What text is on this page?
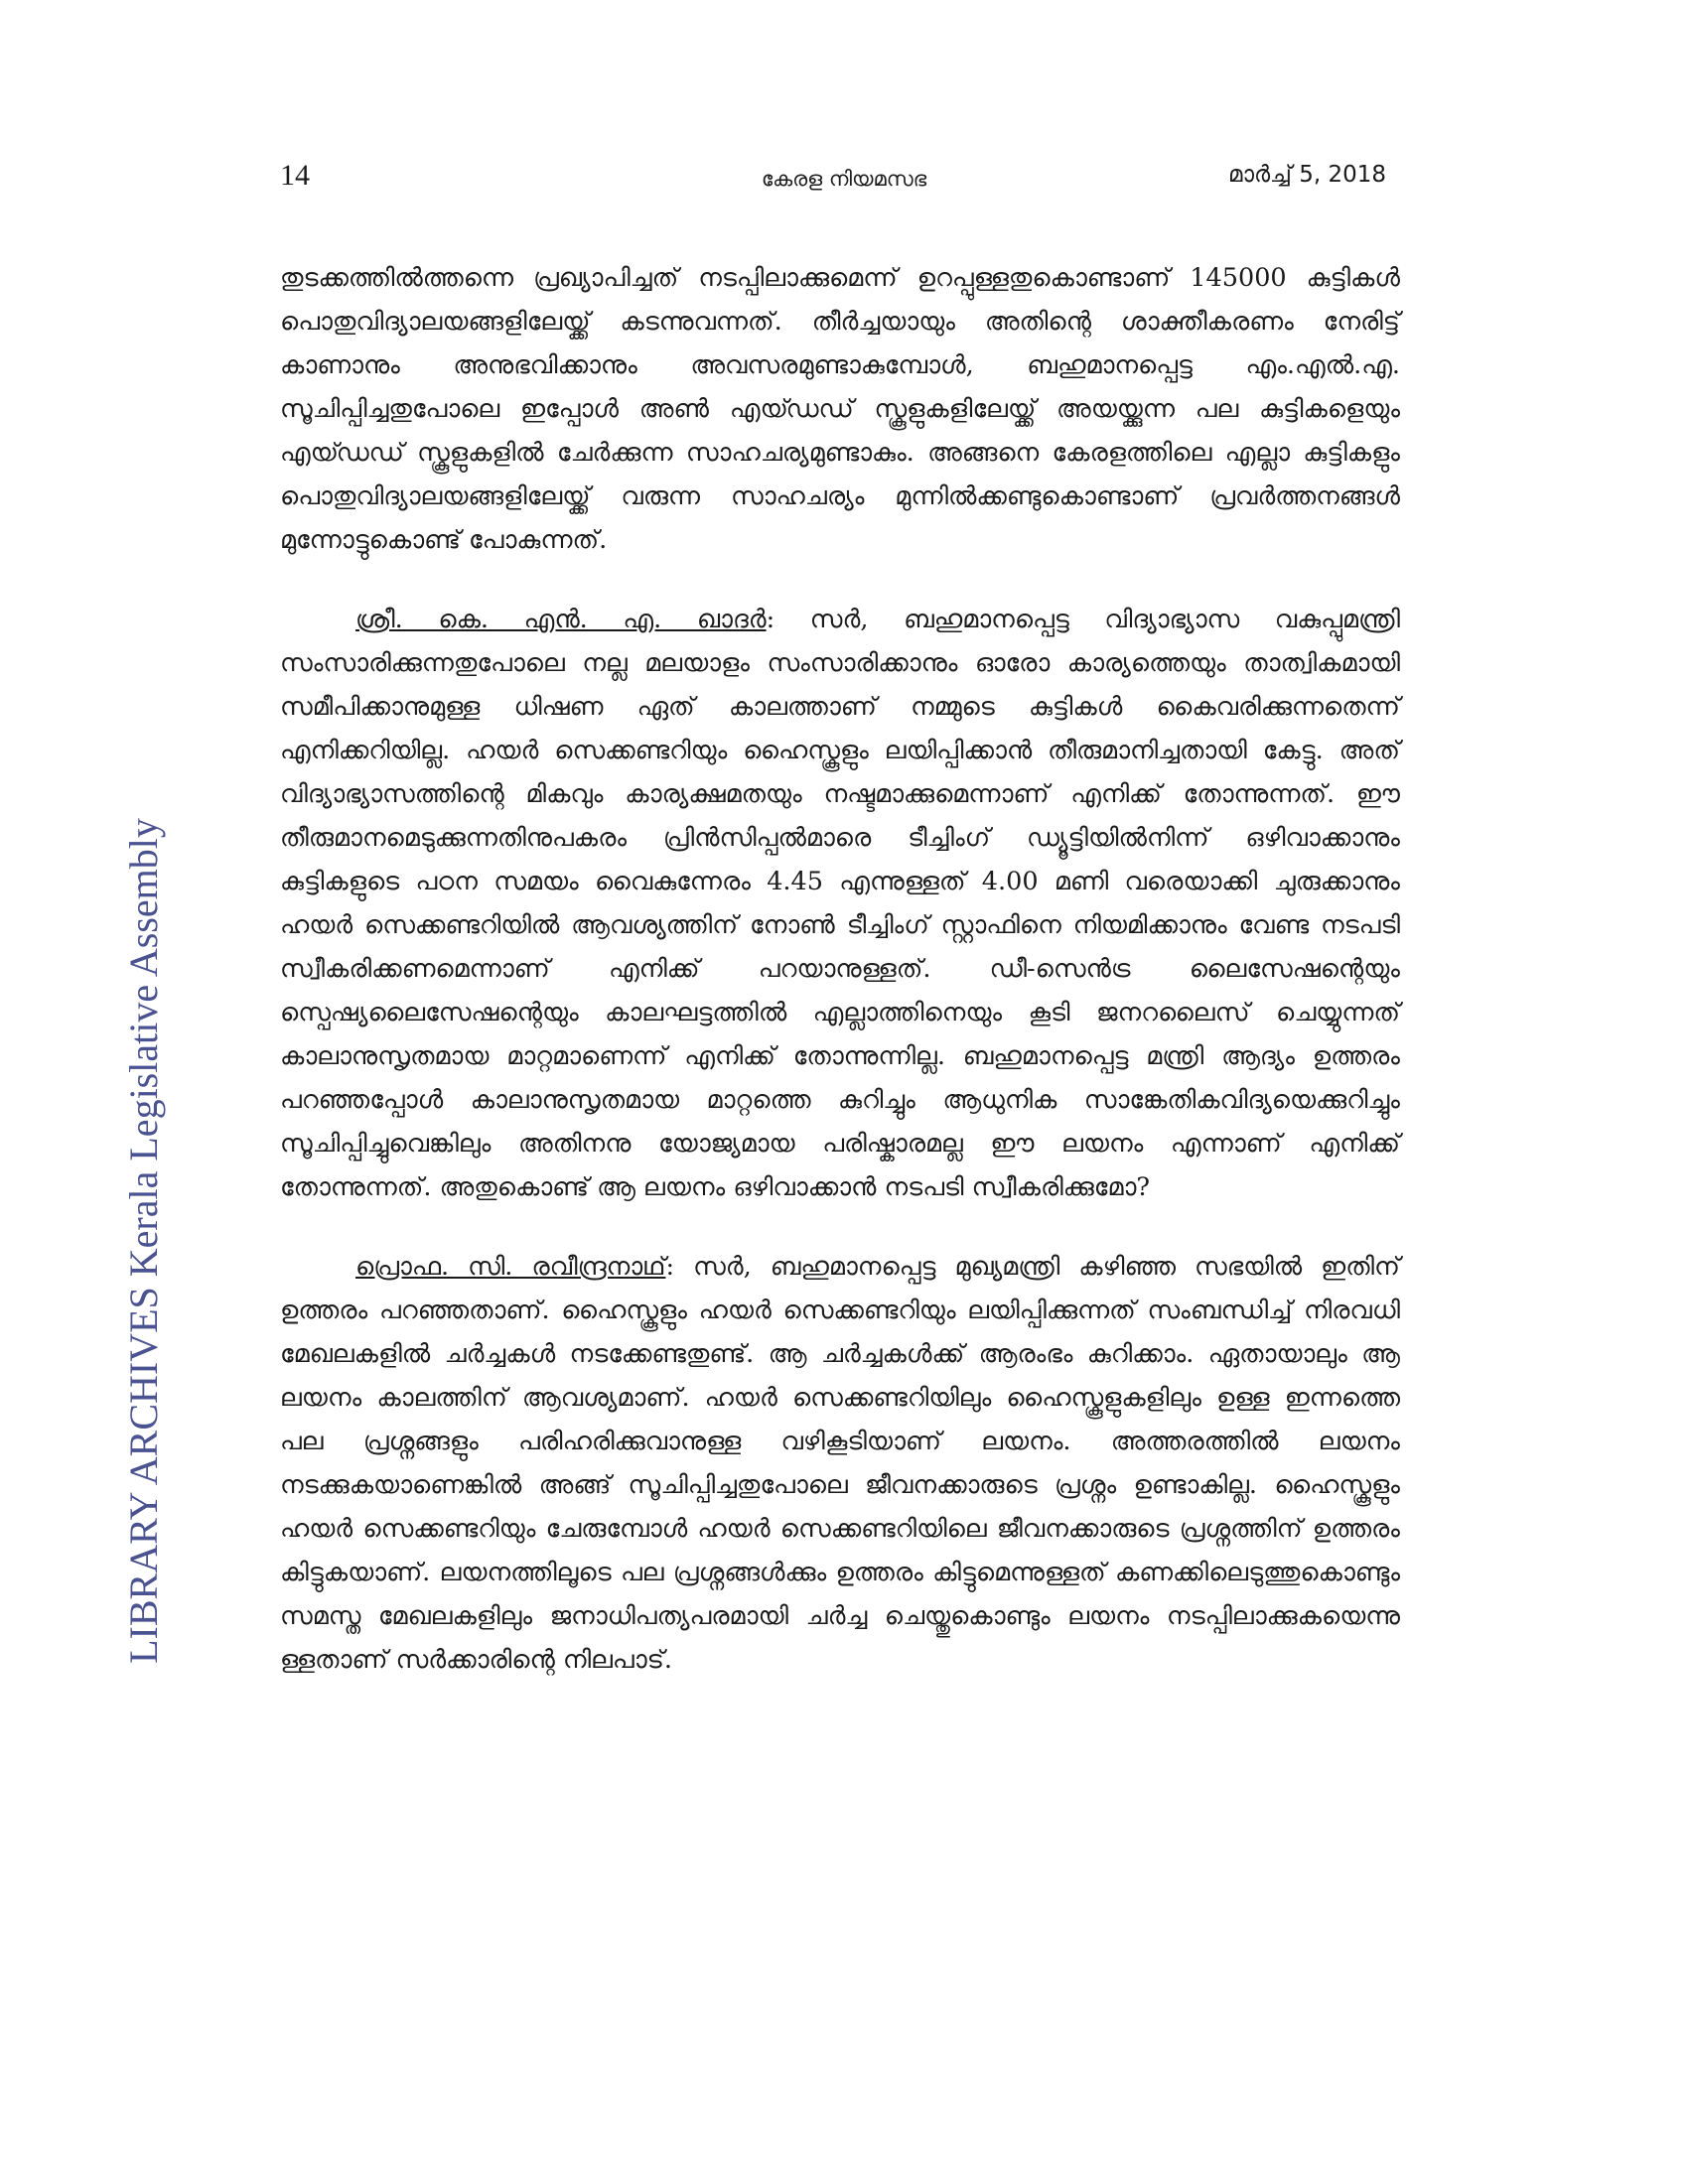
14	കേരള നിയമസഭ	മാർച്ച് 5, 2018
LIBRARY ARCHIVES Kerala Legislative Assembly

തുടക്കത്തിൽത്തന്നെ പ്രഖ്യാപിച്ചത് നടപ്പിലാക്കുമെന്ന് ഉറപ്പുള്ളതുകൊണ്ടാണ് 145000 കുട്ടികൾ പൊതുവിദ്യാലയങ്ങളിലേയ്ക്ക് കടന്നുവന്നത്. തീർച്ചയായും അതിന്റെ ശാക്തീകരണം നേരിട്ട് കാണാനും അനുഭവിക്കാനും അവസരമുണ്ടാകുമ്പോൾ, ബഹുമാനപ്പെട്ട എം.എൽ.എ. സൂചിപ്പിച്ചതുപോലെ ഇപ്പോൾ അൺ എയ്ഡഡ് സ്കൂളുകളിലേയ്ക്ക് അയയ്ക്കുന്ന പല കുട്ടികളെയും എയ്ഡഡ് സ്കൂളുകളിൽ ചേർക്കുന്ന സാഹചര്യമുണ്ടാകും. അങ്ങനെ കേരളത്തിലെ എല്ലാ കുട്ടികളും പൊതുവിദ്യാലയങ്ങളിലേയ്ക്ക് വരുന്ന സാഹചര്യം മുന്നിൽക്കണ്ടുകൊണ്ടാണ് പ്രവർത്തനങ്ങൾ മുന്നോട്ടുകൊണ്ട് പോകുന്നത്.

ശ്രീ. കെ. എൻ. എ. ഖാദർ: സർ, ബഹുമാനപ്പെട്ട വിദ്യാഭ്യാസ വകുപ്പുമന്ത്രി സംസാരിക്കുന്നതുപോലെ നല്ല മലയാളം സംസാരിക്കാനും ഓരോ കാര്യത്തെയും താത്വികമായി സമീപിക്കാനുമുള്ള ധിഷണ ഏത് കാലത്താണ് നമ്മുടെ കുട്ടികൾ കൈവരിക്കുന്നതെന്ന് എനിക്കറിയില്ല. ഹയർ സെക്കണ്ടറിയും ഹൈസ്കൂളും ലയിപ്പിക്കാൻ തീരുമാനിച്ചതായി കേട്ടു. അത് വിദ്യാഭ്യാസത്തിന്റെ മികവും കാര്യക്ഷമതയും നഷ്ടമാക്കുമെന്നാണ് എനിക്ക് തോന്നുന്നത്. ഈ തീരുമാനമെടുക്കുന്നതിനുപകരം പ്രിൻസിപ്പൽമാരെ ടീച്ചിംഗ് ഡ്യൂട്ടിയിൽനിന്ന് ഒഴിവാക്കാനും കുട്ടികളുടെ പഠന സമയം വൈകുന്നേരം 4.45 എന്നുള്ളത് 4.00 മണി വരെയാക്കി ചുരുക്കാനും ഹയർ സെക്കണ്ടറിയിൽ ആവശ്യത്തിന് നോൺ ടീച്ചിംഗ് സ്റ്റാഫിനെ നിയമിക്കാനും വേണ്ട നടപടി സ്വീകരിക്കണമെന്നാണ് എനിക്ക് പറയാനുള്ളത്. ഡീ-സെൻട്ര ലൈസേഷന്റെയും സ്പെഷ്യലൈസേഷന്റെയും കാലഘട്ടത്തിൽ എല്ലാത്തിനെയും കൂടി ജനറലൈസ് ചെയ്യുന്നത് കാലാനുസൃതമായ മാറ്റമാണെന്ന് എനിക്ക് തോന്നുന്നില്ല. ബഹുമാനപ്പെട്ട മന്ത്രി ആദ്യം ഉത്തരം പറഞ്ഞപ്പോൾ കാലാനുസൃതമായ മാറ്റത്തെ കുറിച്ചും ആധുനിക സാങ്കേതികവിദ്യയെക്കുറിച്ചും സൂചിപ്പിച്ചുവെങ്കിലും അതിനനു യോജ്യമായ പരിഷ്കാരമല്ല ഈ ലയനം എന്നാണ് എനിക്ക് തോന്നുന്നത്. അതുകൊണ്ട് ആ ലയനം ഒഴിവാക്കാൻ നടപടി സ്വീകരിക്കുമോ?

പ്രൊഫ. സി. രവീന്ദ്രനാഥ്: സർ, ബഹുമാനപ്പെട്ട മുഖ്യമന്ത്രി കഴിഞ്ഞ സഭയിൽ ഇതിന് ഉത്തരം പറഞ്ഞതാണ്. ഹൈസ്കൂളും ഹയർ സെക്കണ്ടറിയും ലയിപ്പിക്കുന്നത് സംബന്ധിച്ച് നിരവധി മേഖലകളിൽ ചർച്ചകൾ നടക്കേണ്ടതുണ്ട്. ആ ചർച്ചകൾക്ക് ആരംഭം കുറിക്കാം. ഏതായാലും ആ ലയനം കാലത്തിന് ആവശ്യമാണ്. ഹയർ സെക്കണ്ടറിയിലും ഹൈസ്കൂളുകളിലും ഉള്ള ഇന്നത്തെ പല പ്രശ്നങ്ങളും പരിഹരിക്കുവാനുള്ള വഴികൂടിയാണ് ലയനം. അത്തരത്തിൽ ലയനം നടക്കുകയാണെങ്കിൽ അങ്ങ് സൂചിപ്പിച്ചതുപോലെ ജീവനക്കാരുടെ പ്രശ്നം ഉണ്ടാകില്ല. ഹൈസ്കൂളും ഹയർ സെക്കണ്ടറിയും ചേരുമ്പോൾ ഹയർ സെക്കണ്ടറിയിലെ ജീവനക്കാരുടെ പ്രശ്നത്തിന് ഉത്തരം കിട്ടുകയാണ്. ലയനത്തിലൂടെ പല പ്രശ്നങ്ങൾക്കും ഉത്തരം കിട്ടുമെന്നുള്ളത് കണക്കിലെടുത്തുകൊണ്ടും സമസ്ത മേഖലകളിലും ജനാധിപത്യപരമായി ചർച്ച ചെയ്തുകൊണ്ടും ലയനം നടപ്പിലാക്കുകയെന്നു ള്ളതാണ് സർക്കാരിന്റെ നിലപാട്.
